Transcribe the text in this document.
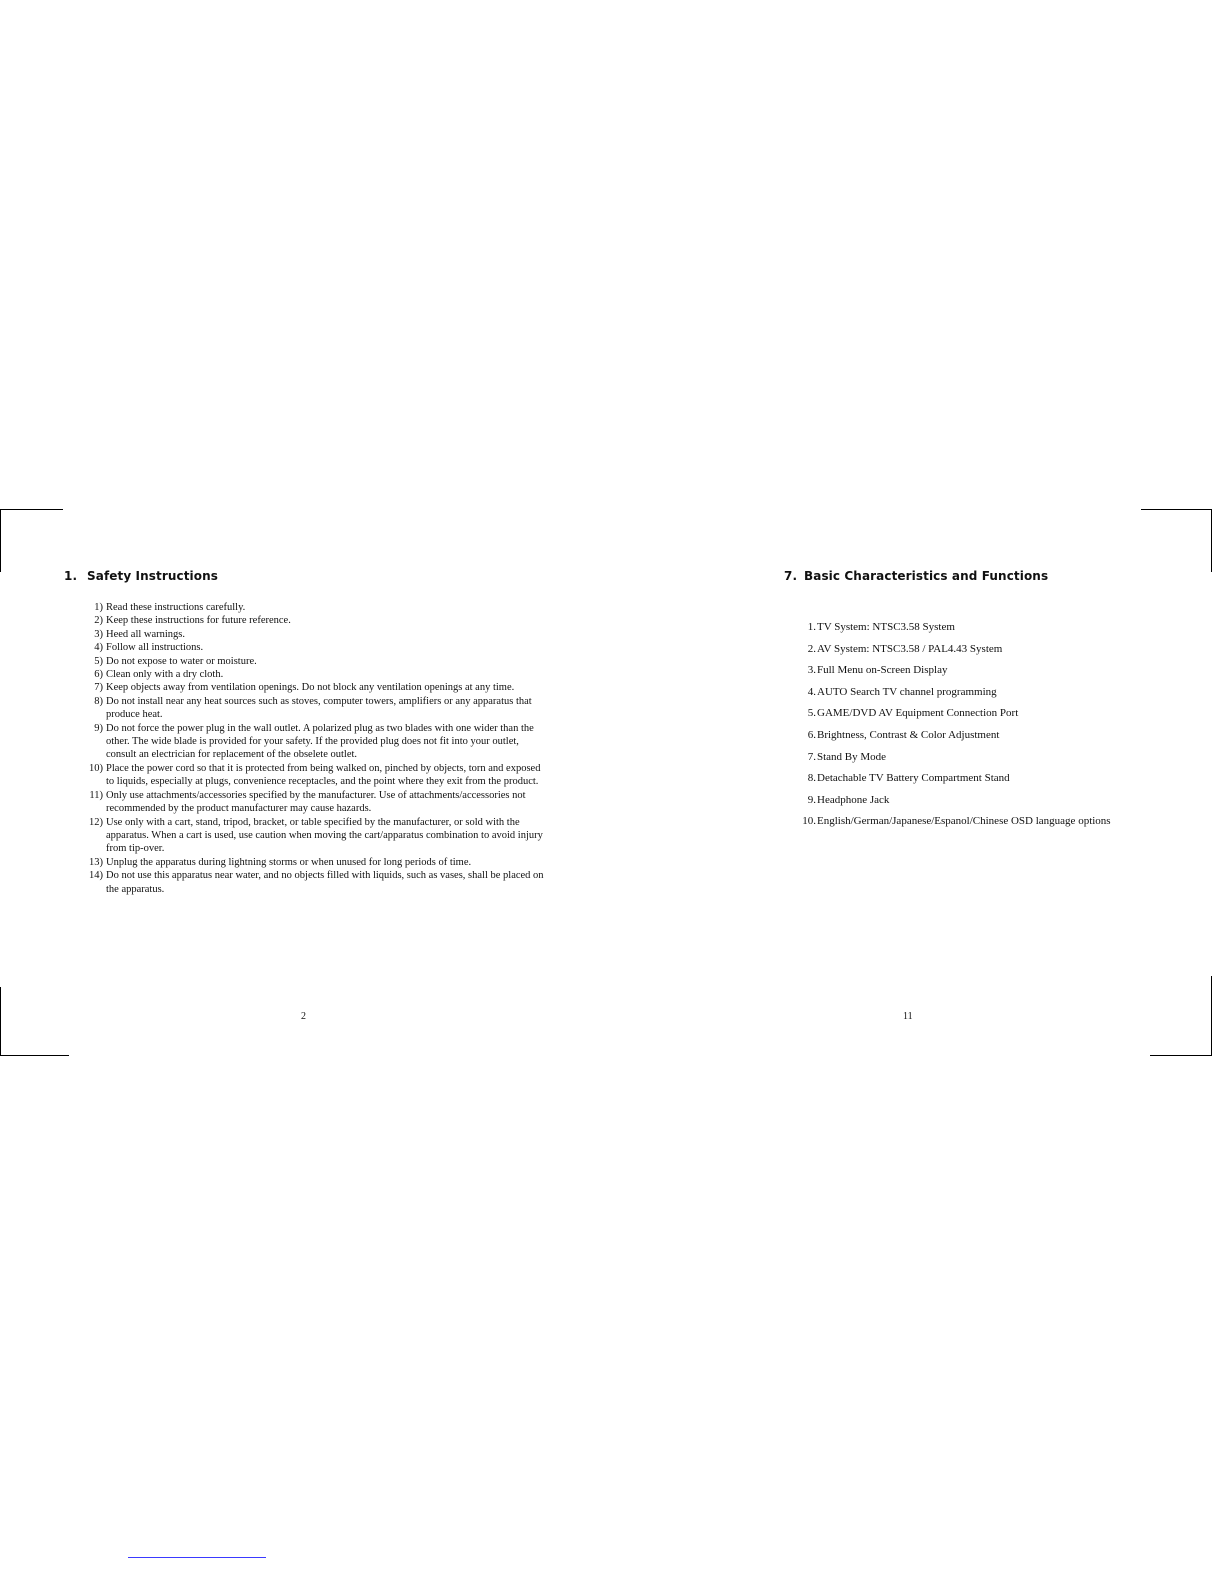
1. Safety Instructions
1) Read these instructions carefully.
2) Keep these instructions for future reference.
3) Heed all warnings.
4) Follow all instructions.
5) Do not expose to water or moisture.
6) Clean only with a dry cloth.
7) Keep objects away from ventilation openings. Do not block any ventilation openings at any time.
8) Do not install near any heat sources such as stoves, computer towers, amplifiers or any apparatus that produce heat.
9) Do not force the power plug in the wall outlet. A polarized plug as two blades with one wider than the other. The wide blade is provided for your safety. If the provided plug does not fit into your outlet, consult an electrician for replacement of the obselete outlet.
10) Place the power cord so that it is protected from being walked on, pinched by objects, torn and exposed to liquids, especially at plugs, convenience receptacles, and the point where they exit from the product.
11) Only use attachments/accessories specified by the manufacturer. Use of attachments/accessories not recommended by the product manufacturer may cause hazards.
12) Use only with a cart, stand, tripod, bracket, or table specified by the manufacturer, or sold with the apparatus. When a cart is used, use caution when moving the cart/apparatus combination to avoid injury from tip-over.
13) Unplug the apparatus during lightning storms or when unused for long periods of time.
14) Do not use this apparatus near water, and no objects filled with liquids, such as vases, shall be placed on the apparatus.
2
7. Basic Characteristics and Functions
1.TV System: NTSC3.58 System
2.AV System: NTSC3.58 / PAL4.43 System
3.Full Menu on-Screen Display
4.AUTO Search TV channel programming
5.GAME/DVD AV Equipment Connection Port
6.Brightness, Contrast & Color Adjustment
7.Stand By Mode
8.Detachable TV Battery Compartment Stand
9.Headphone Jack
10.English/German/Japanese/Espanol/Chinese OSD language options
11
